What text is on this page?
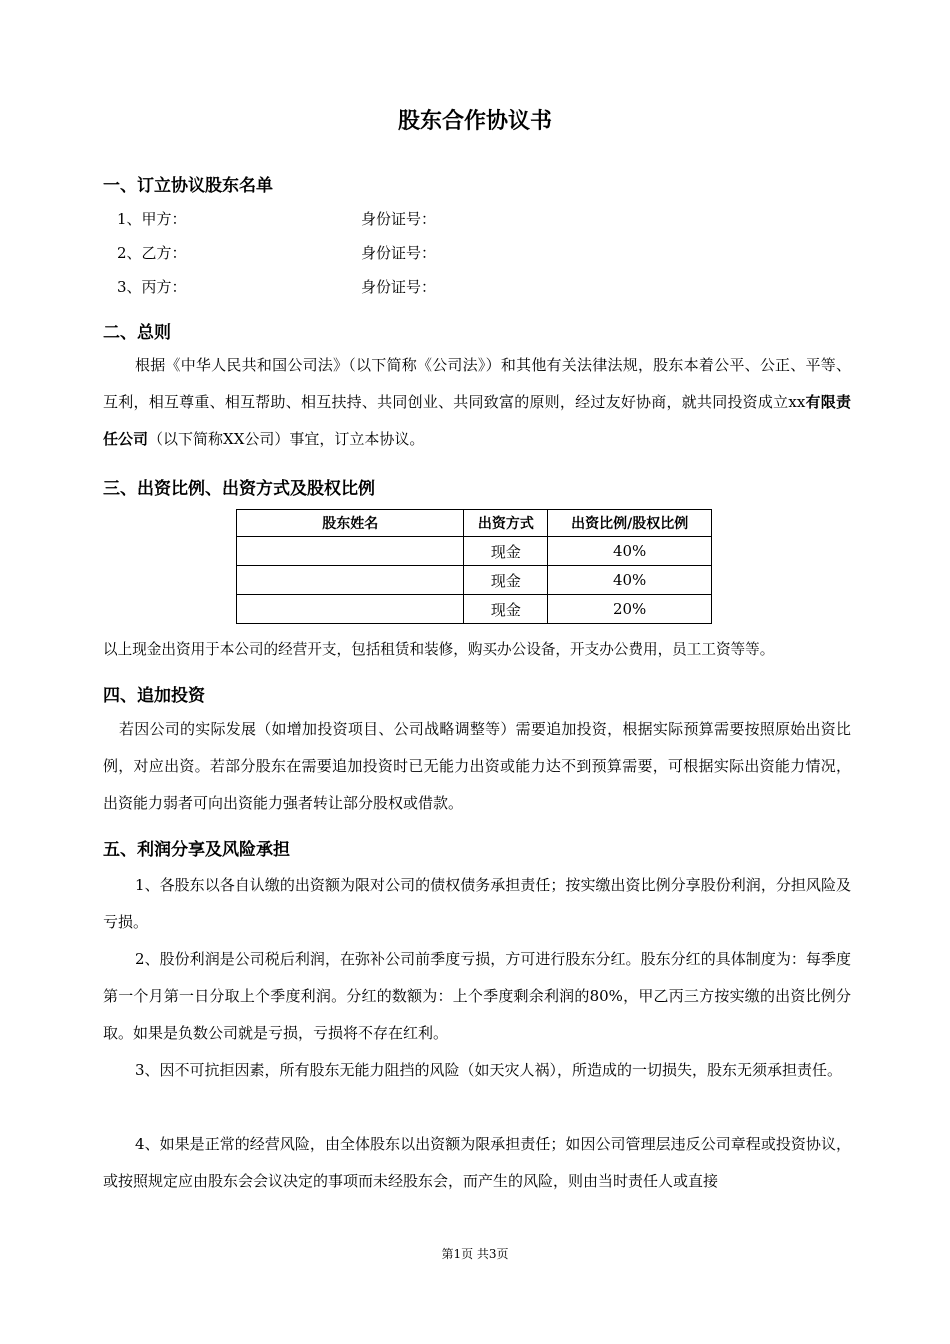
股东合作协议书
一、订立协议股东名单
1、甲方：	身份证号：
2、乙方：	身份证号：
3、丙方：	身份证号：
二、总则
根据《中华人民共和国公司法》（以下简称《公司法》）和其他有关法律法规，股东本着公平、公正、平等、互利，相互尊重、相互帮助、相互扶持、共同创业、共同致富的原则，经过友好协商，就共同投资成立xx有限责任公司（以下简称XX公司）事宜，订立本协议。
三、出资比例、出资方式及股权比例
股东姓名	出资方式	出资比例/股权比例
	现金	40%
	现金	40%
	现金	20%
以上现金出资用于本公司的经营开支，包括租赁和装修，购买办公设备，开支办公费用，员工工资等等。
四、追加投资
若因公司的实际发展（如增加投资项目、公司战略调整等）需要追加投资，根据实际预算需要按照原始出资比例，对应出资。若部分股东在需要追加投资时已无能力出资或能力达不到预算需要，可根据实际出资能力情况，出资能力弱者可向出资能力强者转让部分股权或借款。
五、利润分享及风险承担
1、各股东以各自认缴的出资额为限对公司的债权债务承担责任；按实缴出资比例分享股份利润，分担风险及亏损。
2、股份利润是公司税后利润，在弥补公司前季度亏损，方可进行股东分红。股东分红的具体制度为：每季度第一个月第一日分取上个季度利润。分红的数额为：上个季度剩余利润的80%，甲乙丙三方按实缴的出资比例分取。如果是负数公司就是亏损，亏损将不存在红利。
3、因不可抗拒因素，所有股东无能力阻挡的风险（如天灾人祸），所造成的一切损失，股东无须承担责任。
4、如果是正常的经营风险，由全体股东以出资额为限承担责任；如因公司管理层违反公司章程或投资协议，或按照规定应由股东会会议决定的事项而未经股东会，而产生的风险，则由当时责任人或直接
第1页 共3页
